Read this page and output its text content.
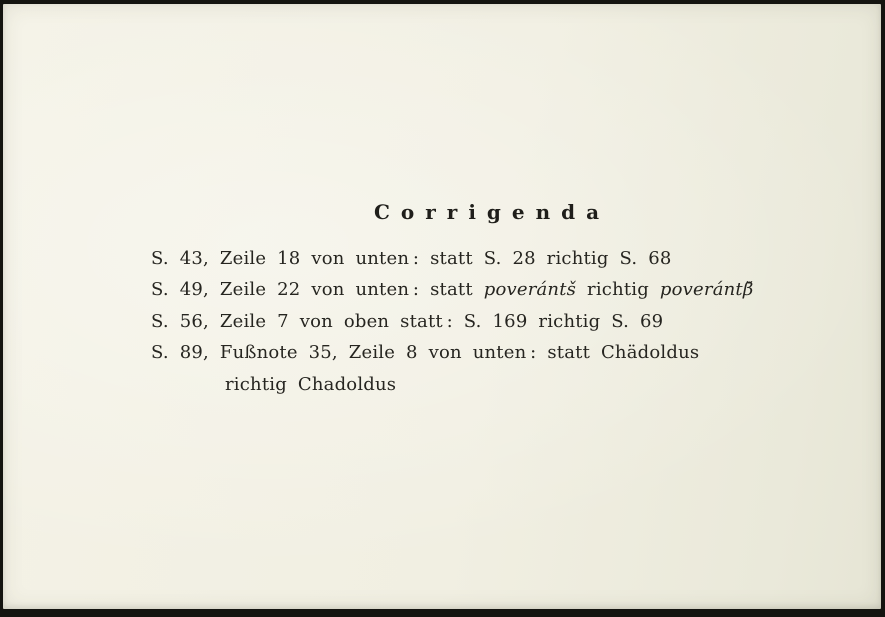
Corrigenda

S. 43, Zeile 18 von unten : statt S. 28 richtig S. 68

S. 49, Zeile 22 von unten : statt poverántš richtig poverántβ̆

S. 56, Zeile 7 von oben statt : S. 169 richtig S. 69

S. 89, Fußnote 35, Zeile 8 von unten : statt Chädoldus

richtig Chadoldus
